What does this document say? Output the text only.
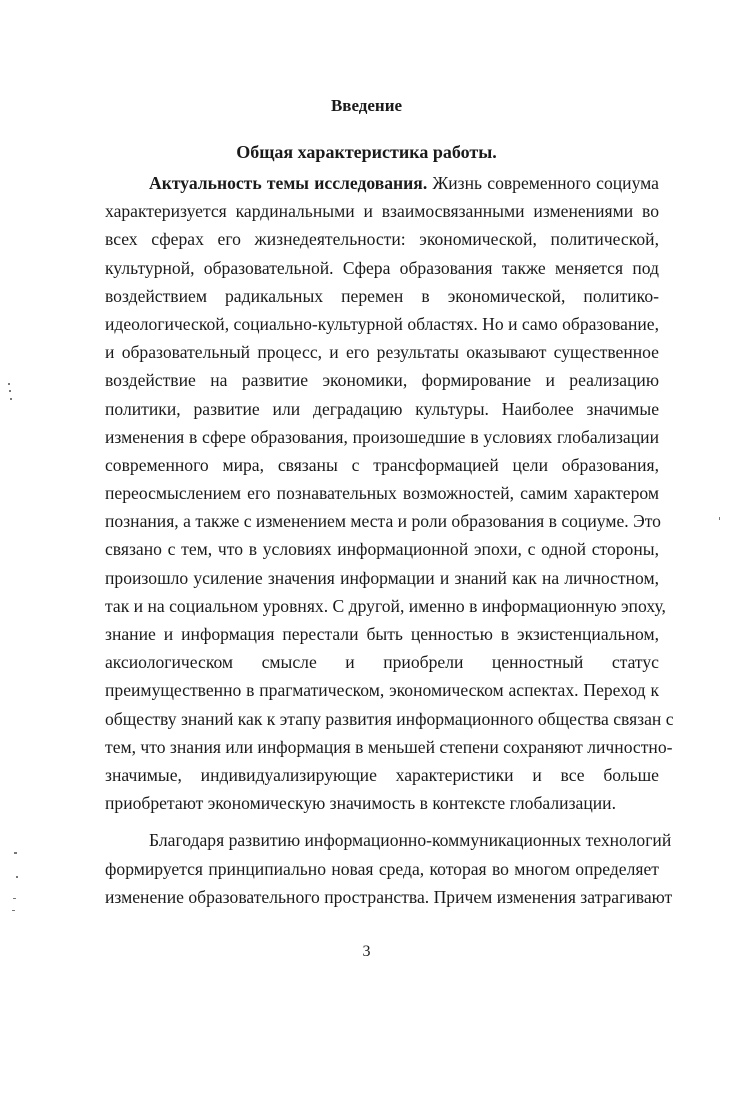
Введение
Общая характеристика работы.
Актуальность темы исследования. Жизнь современного социума
характеризуется кардинальными и взаимосвязанными изменениями во
всех сферах его жизнедеятельности: экономической, политической,
культурной, образовательной. Сфера образования также меняется под
воздействием радикальных перемен в экономической, политико-
идеологической, социально-культурной областях. Но и само образование,
и образовательный процесс, и его результаты оказывают существенное
воздействие на развитие экономики, формирование и реализацию
политики, развитие или деградацию культуры. Наиболее значимые
изменения в сфере образования, произошедшие в условиях глобализации
современного мира, связаны с трансформацией цели образования,
переосмыслением его познавательных возможностей, самим характером
познания, а также с изменением места и роли образования в социуме. Это
связано с тем, что в условиях информационной эпохи, с одной стороны,
произошло усиление значения информации и знаний как на личностном,
так и на социальном уровнях. С другой, именно в информационную эпоху,
знание и информация перестали быть ценностью в экзистенциальном,
аксиологическом смысле и приобрели ценностный статус
преимущественно в прагматическом, экономическом аспектах. Переход к
обществу знаний как к этапу развития информационного общества связан с
тем, что знания или информация в меньшей степени сохраняют личностно-
значимые, индивидуализирующие характеристики и все больше
приобретают экономическую значимость в контексте глобализации.
Благодаря развитию информационно-коммуникационных технологий
формируется принципиально новая среда, которая во многом определяет
изменение образовательного пространства. Причем изменения затрагивают
3
